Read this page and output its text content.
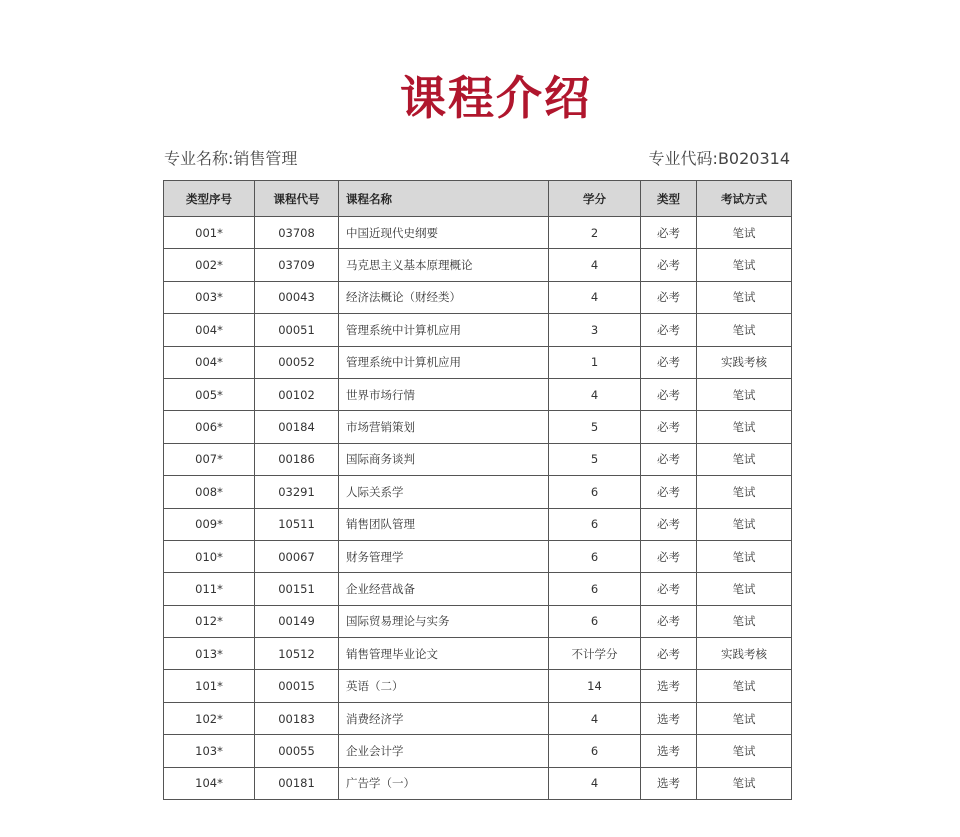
课程介绍
专业名称:销售管理	专业代码:B020314
类型序号	课程代号	课程名称	学分	类型	考试方式
001*	03708	中国近现代史纲要	2	必考	笔试
002*	03709	马克思主义基本原理概论	4	必考	笔试
003*	00043	经济法概论（财经类）	4	必考	笔试
004*	00051	管理系统中计算机应用	3	必考	笔试
004*	00052	管理系统中计算机应用	1	必考	实践考核
005*	00102	世界市场行情	4	必考	笔试
006*	00184	市场营销策划	5	必考	笔试
007*	00186	国际商务谈判	5	必考	笔试
008*	03291	人际关系学	6	必考	笔试
009*	10511	销售团队管理	6	必考	笔试
010*	00067	财务管理学	6	必考	笔试
011*	00151	企业经营战备	6	必考	笔试
012*	00149	国际贸易理论与实务	6	必考	笔试
013*	10512	销售管理毕业论文	不计学分	必考	实践考核
101*	00015	英语（二）	14	选考	笔试
102*	00183	消费经济学	4	选考	笔试
103*	00055	企业会计学	6	选考	笔试
104*	00181	广告学（一）	4	选考	笔试
